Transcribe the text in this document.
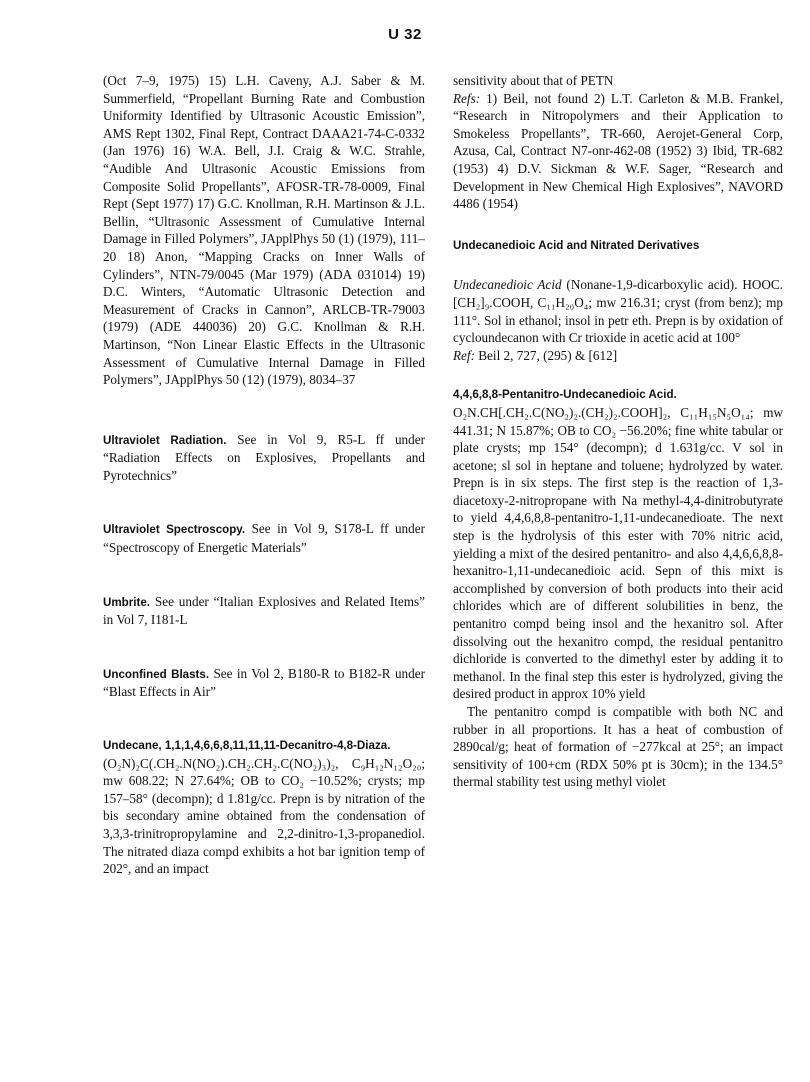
U 32

(Oct 7–9, 1975) 15) L.H. Caveny, A.J. Saber & M. Summerfield, “Propellant Burning Rate and Combustion Uniformity Identified by Ultrasonic Acoustic Emission”, AMS Rept 1302, Final Rept, Contract DAAA21-74-C-0332 (Jan 1976) 16) W.A. Bell, J.I. Craig & W.C. Strahle, “Audible And Ultrasonic Acoustic Emissions from Composite Solid Propellants”, AFOSR-TR-78-0009, Final Rept (Sept 1977) 17) G.C. Knollman, R.H. Martinson & J.L. Bellin, “Ultrasonic Assessment of Cumulative Internal Damage in Filled Polymers”, JApplPhys 50 (1) (1979), 111–20 18) Anon, “Mapping Cracks on Inner Walls of Cylinders”, NTN-79/0045 (Mar 1979) (ADA 031014) 19) D.C. Winters, “Automatic Ultrasonic Detection and Measurement of Cracks in Cannon”, ARLCB-TR-79003 (1979) (ADE 440036) 20) G.C. Knollman & R.H. Martinson, “Non Linear Elastic Effects in the Ultrasonic Assessment of Cumulative Internal Damage in Filled Polymers”, JApplPhys 50 (12) (1979), 8034–37

Ultraviolet Radiation. See in Vol 9, R5-L ff under “Radiation Effects on Explosives, Propellants and Pyrotechnics”

Ultraviolet Spectroscopy. See in Vol 9, S178-L ff under “Spectroscopy of Energetic Materials”

Umbrite. See under “Italian Explosives and Related Items” in Vol 7, I181-L

Unconfined Blasts. See in Vol 2, B180-R to B182-R under “Blast Effects in Air”

Undecane, 1,1,1,4,6,6,8,11,11,11-Decanitro-4,8-Diaza.

(O₂N)₂C(.CH₂.N(NO₂).CH₂.CH₂.C(NO₂)₃)₂, C₉H₁₂N₁₂O₂₀; mw 608.22; N 27.64%; OB to CO₂ −10.52%; crysts; mp 157–58° (decompn); d 1.81g/cc. Prepn is by nitration of the bis secondary amine obtained from the condensation of 3,3,3-trinitropropylamine and 2,2-dinitro-1,3-propanediol. The nitrated diaza compd exhibits a hot bar ignition temp of 202°, and an impact

sensitivity about that of PETN

Refs: 1) Beil, not found 2) L.T. Carleton & M.B. Frankel, “Research in Nitropolymers and their Application to Smokeless Propellants”, TR-660, Aerojet-General Corp, Azusa, Cal, Contract N7-onr-462-08 (1952) 3) Ibid, TR-682 (1953) 4) D.V. Sickman & W.F. Sager, “Research and Development in New Chemical High Explosives”, NAVORD 4486 (1954)

Undecanedioic Acid and Nitrated Derivatives

Undecanedioic Acid (Nonane-1,9-dicarboxylic acid). HOOC.[CH₂]₉.COOH, C₁₁H₂₀O₄; mw 216.31; cryst (from benz); mp 111°. Sol in ethanol; insol in petr eth. Prepn is by oxidation of cycloundecanon with Cr trioxide in acetic acid at 100°

Ref: Beil 2, 727, (295) & [612]

4,4,6,8,8-Pentanitro-Undecanedioic Acid.

O₂N.CH[.CH₂.C(NO₂)₂.(CH₂)₂.COOH]₂, C₁₁H₁₅N₅O₁₄; mw 441.31; N 15.87%; OB to CO₂ −56.20%; fine white tabular or plate crysts; mp 154° (decompn); d 1.631g/cc. V sol in acetone; sl sol in heptane and toluene; hydrolyzed by water. Prepn is in six steps. The first step is the reaction of 1,3-diacetoxy-2-nitropropane with Na methyl-4,4-dinitrobutyrate to yield 4,4,6,8,8-pentanitro-1,11-undecanedioate. The next step is the hydrolysis of this ester with 70% nitric acid, yielding a mixt of the desired pentanitro- and also 4,4,6,6,8,8-hexanitro-1,11-undecanedioic acid. Sepn of this mixt is accomplished by conversion of both products into their acid chlorides which are of different solubilities in benz, the pentanitro compd being insol and the hexanitro sol. After dissolving out the hexanitro compd, the residual pentanitro dichloride is converted to the dimethyl ester by adding it to methanol. In the final step this ester is hydrolyzed, giving the desired product in approx 10% yield

The pentanitro compd is compatible with both NC and rubber in all proportions. It has a heat of combustion of 2890cal/g; heat of formation of −277kcal at 25°; an impact sensitivity of 100+cm (RDX 50% pt is 30cm); in the 134.5° thermal stability test using methyl violet
